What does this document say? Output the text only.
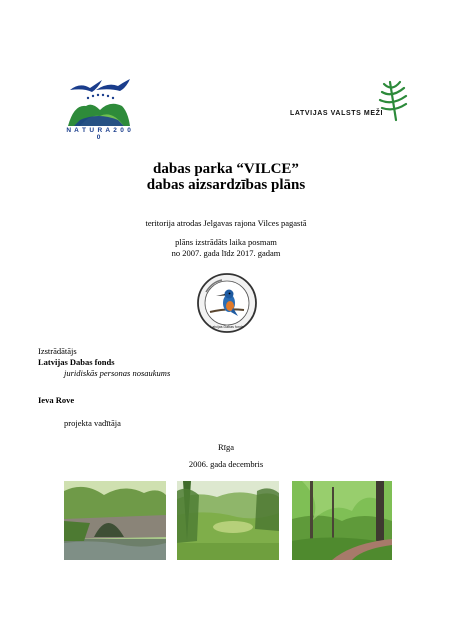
N A T U R A 2 0 0 0
LATVIJAS VALSTS MEŽI
dabas parka “VILCE”
dabas aizsardzības plāns
teritorija atrodas Jelgavas rajona Vilces pagastā
plāns izstrādāts laika posmam
no 2007. gada līdz 2017. gadam
Latvijas Dabas fonds
Izstrādātājs
Latvijas Dabas fonds
juridiskās personas nosaukums
Ieva Rove
projekta vadītāja
Rīga
2006. gada decembris
